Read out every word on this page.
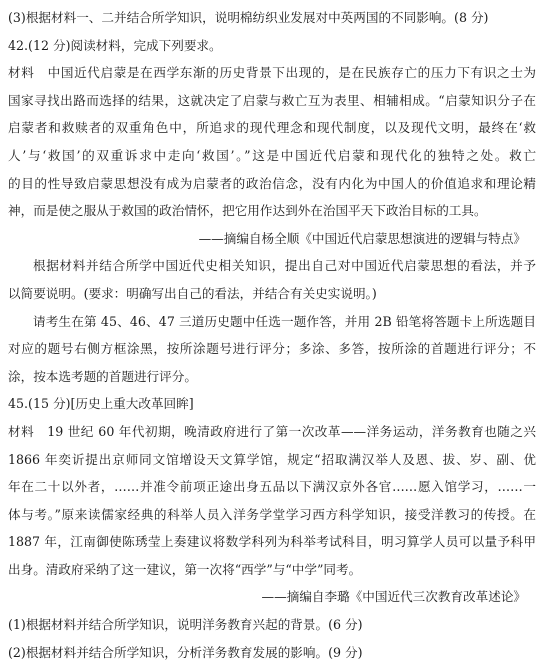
(3)根据材料一、二并结合所学知识，说明棉纺织业发展对中英两国的不同影响。(8 分)
42.(12 分)阅读材料，完成下列要求。
材料　中国近代启蒙是在西学东渐的历史背景下出现的，是在民族存亡的压力下有识之士为
国家寻找出路而选择的结果，这就决定了启蒙与救亡互为表里、相辅相成。“启蒙知识分子在
启蒙者和救赎者的双重角色中，所追求的现代理念和现代制度，以及现代文明，最终在‘救
人’与‘救国’的双重诉求中走向‘救国’。”这是中国近代启蒙和现代化的独特之处。救亡
的目的性导致启蒙思想没有成为启蒙者的政治信念，没有内化为中国人的价值追求和理论精
神，而是使之服从于救国的政治情怀，把它用作达到外在治国平天下政治目标的工具。
——摘编自杨全顺《中国近代启蒙思想演进的逻辑与特点》
根据材料并结合所学中国近代史相关知识，提出自己对中国近代启蒙思想的看法，并予
以简要说明。(要求：明确写出自己的看法，并结合有关史实说明。)
请考生在第 45、46、47 三道历史题中任选一题作答，并用 2B 铅笔将答题卡上所选题目
对应的题号右侧方框涂黑，按所涂题号进行评分；多涂、多答，按所涂的首题进行评分；不
涂，按本选考题的首题进行评分。
45.(15 分)[历史上重大改革回眸]
材料　19 世纪 60 年代初期，晚清政府进行了第一次改革——洋务运动，洋务教育也随之兴
1866 年奕䜣提出京师同文馆增设天文算学馆，规定“招取满汉举人及恩、拔、岁、副、优
年在二十以外者，……并准令前项正途出身五品以下满汉京外各官……愿入馆学习，……一
体与考。”原来读儒家经典的科举人员入洋务学堂学习西方科学知识，接受洋教习的传授。在
1887 年，江南御使陈琇莹上奏建议将数学科列为科举考试科目，明习算学人员可以量予科甲
出身。清政府采纳了这一建议，第一次将“西学”与“中学”同考。
——摘编自李璐《中国近代三次教育改革述论》
(1)根据材料并结合所学知识，说明洋务教育兴起的背景。(6 分)
(2)根据材料并结合所学知识，分析洋务教育发展的影响。(9 分)
